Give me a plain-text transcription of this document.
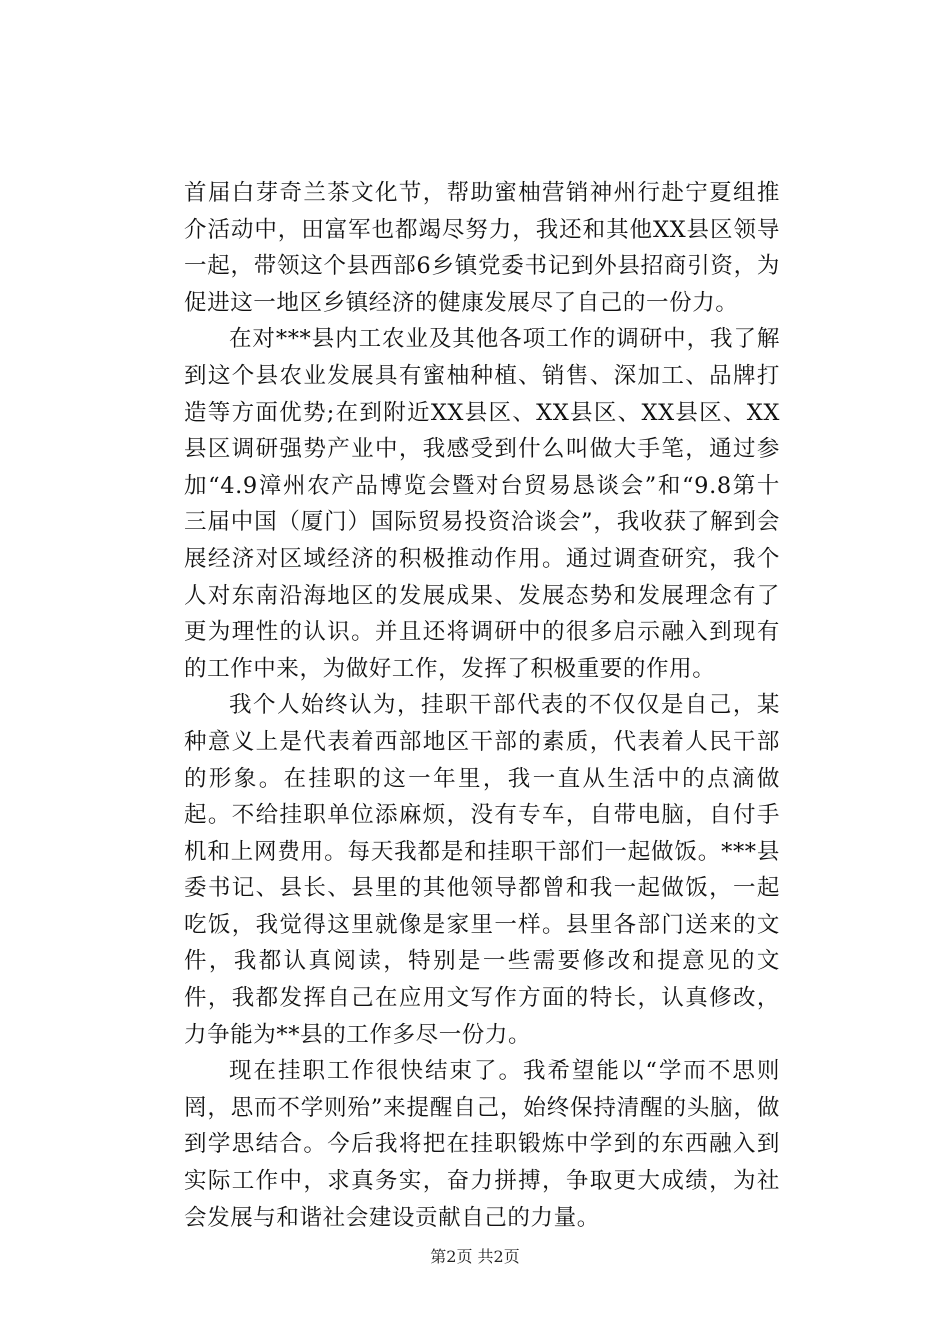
首届白芽奇兰茶文化节，帮助蜜柚营销神州行赴宁夏组推介活动中，田富军也都竭尽努力，我还和其他XX县区领导一起，带领这个县西部6乡镇党委书记到外县招商引资，为促进这一地区乡镇经济的健康发展尽了自己的一份力。

在对***县内工农业及其他各项工作的调研中，我了解到这个县农业发展具有蜜柚种植、销售、深加工、品牌打造等方面优势;在到附近XX县区、XX县区、XX县区、XX县区调研强势产业中，我感受到什么叫做大手笔，通过参加“4.9漳州农产品博览会暨对台贸易恳谈会”和“9.8第十三届中国（厦门）国际贸易投资洽谈会”，我收获了解到会展经济对区域经济的积极推动作用。通过调查研究，我个人对东南沿海地区的发展成果、发展态势和发展理念有了更为理性的认识。并且还将调研中的很多启示融入到现有的工作中来，为做好工作，发挥了积极重要的作用。

我个人始终认为，挂职干部代表的不仅仅是自己，某种意义上是代表着西部地区干部的素质，代表着人民干部的形象。在挂职的这一年里，我一直从生活中的点滴做起。不给挂职单位添麻烦，没有专车，自带电脑，自付手机和上网费用。每天我都是和挂职干部们一起做饭。***县委书记、县长、县里的其他领导都曾和我一起做饭，一起吃饭，我觉得这里就像是家里一样。县里各部门送来的文件，我都认真阅读，特别是一些需要修改和提意见的文件，我都发挥自己在应用文写作方面的特长，认真修改，力争能为**县的工作多尽一份力。

现在挂职工作很快结束了。我希望能以“学而不思则罔，思而不学则殆”来提醒自己，始终保持清醒的头脑，做到学思结合。今后我将把在挂职锻炼中学到的东西融入到实际工作中，求真务实，奋力拼搏，争取更大成绩，为社会发展与和谐社会建设贡献自己的力量。

第2页 共2页
